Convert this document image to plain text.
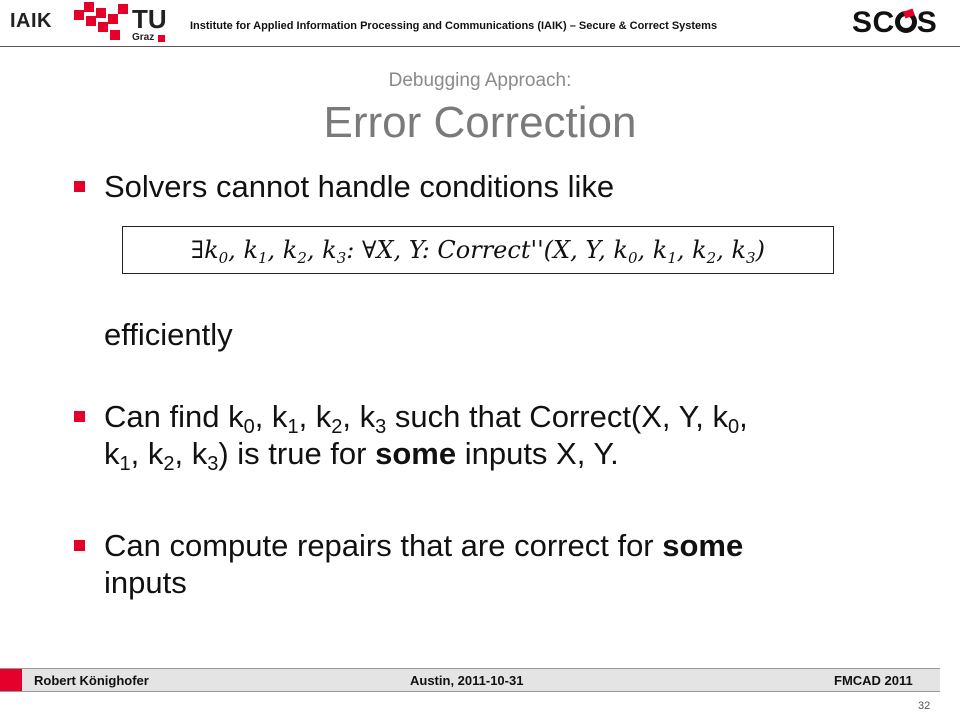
IAIK	TU
Graz
Institute for Applied Information Processing and Communications (IAIK) – Secure & Correct Systems	SC S
Debugging Approach:
Error Correction
Solvers cannot handle conditions like
$\exists k_0$, $k_1$, $k_2$, $k_3$: ∀X, Y: Correct''(X, Y, $k_0$, $k_1$, $k_2$, $k_3$)
efficiently
Can find $k_0$, $k_1$, $k_2$, $k_3$ such that Correct(X, Y, $k_0$,
$k_1$, $k_2$, $k_3$) is true for some inputs X, Y.
Can compute repairs that are correct for some
inputs
Robert Könighofer	Austin, 2011-10-31	FMCAD 2011
32
